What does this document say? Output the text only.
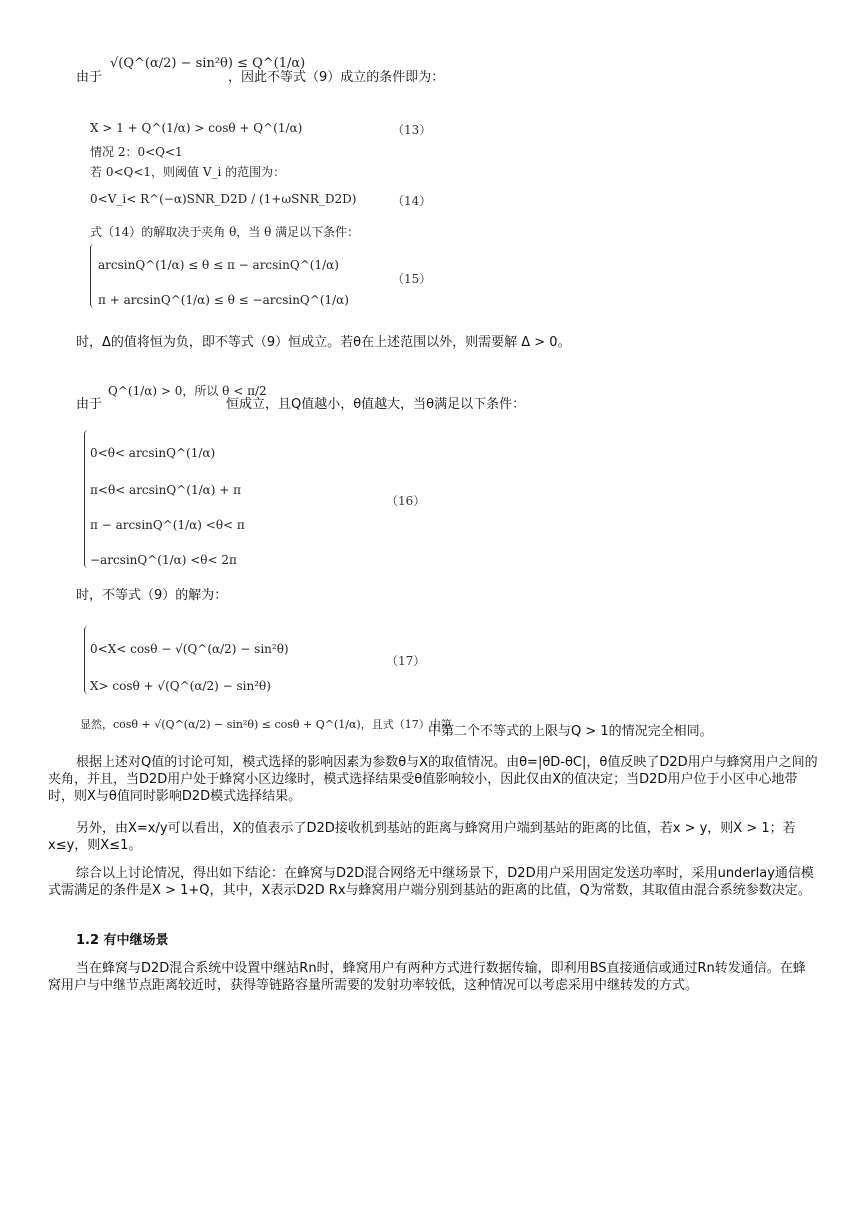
由于
√(Q^(α/2) − sin²θ) ≤ Q^(1/α)
，因此不等式（9）成立的条件即为：
X > 1 + Q^(1/α) > cosθ + Q^(1/α)	（13）
情况 2：0<Q<1
若 0<Q<1，则阈值 V_i 的范围为：
0<V_i< R^(−α)SNR_D2D / (1+ωSNR_D2D)	（14）
式（14）的解取决于夹角 θ，当 θ 满足以下条件：
arcsinQ^(1/α) ≤ θ ≤ π − arcsinQ^(1/α)
π + arcsinQ^(1/α) ≤ θ ≤ −arcsinQ^(1/α)
（15）
时，Δ的值将恒为负，即不等式（9）恒成立。若θ在上述范围以外，则需要解 Δ > 0。
由于
Q^(1/α) > 0，所以 θ < π/2
恒成立，且Q值越小，θ值越大，当θ满足以下条件：
0<θ< arcsinQ^(1/α)
π<θ< arcsinQ^(1/α) + π
π − arcsinQ^(1/α) <θ< π
−arcsinQ^(1/α) <θ< 2π
（16）
时，不等式（9）的解为：
0<X< cosθ − √(Q^(α/2) − sin²θ)
X> cosθ + √(Q^(α/2) − sin²θ)
（17）
显然，cosθ + √(Q^(α/2) − sin²θ) ≤ cosθ + Q^(1/α)，且式（17）中第
中第二个不等式的上限与Q > 1的情况完全相同。
根据上述对Q值的讨论可知，模式选择的影响因素为参数θ与X的取值情况。由θ=|θD-θC|，θ值反映了D2D用户与蜂窝用户之间的夹角，并且，当D2D用户处于蜂窝小区边缘时，模式选择结果受θ值影响较小，因此仅由X的值决定；当D2D用户位于小区中心地带时，则X与θ值同时影响D2D模式选择结果。
另外，由X=x/y可以看出，X的值表示了D2D接收机到基站的距离与蜂窝用户端到基站的距离的比值，若x > y，则X > 1；若x≤y，则X≤1。
综合以上讨论情况，得出如下结论：在蜂窝与D2D混合网络无中继场景下，D2D用户采用固定发送功率时，采用underlay通信模式需满足的条件是X > 1+Q，其中，X表示D2D Rx与蜂窝用户端分别到基站的距离的比值，Q为常数，其取值由混合系统参数决定。
1.2 有中继场景
当在蜂窝与D2D混合系统中设置中继站Rn时，蜂窝用户有两种方式进行数据传输，即利用BS直接通信或通过Rn转发通信。在蜂窝用户与中继节点距离较近时，获得等链路容量所需要的发射功率较低，这种情况可以考虑采用中继转发的方式。
